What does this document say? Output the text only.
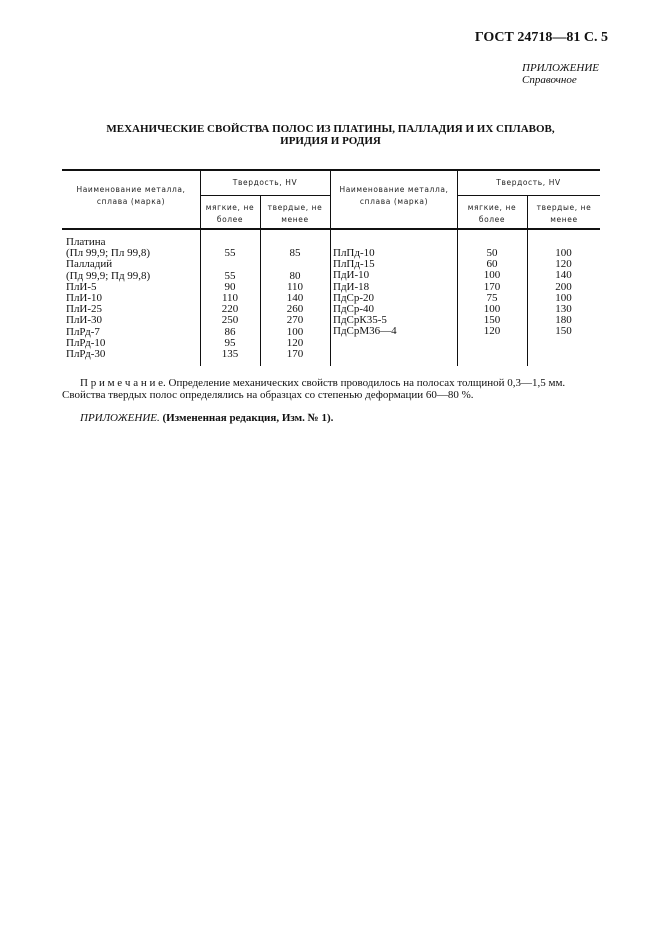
ГОСТ 24718—81 С. 5
ПРИЛОЖЕНИЕ
Справочное
МЕХАНИЧЕСКИЕ СВОЙСТВА ПОЛОС ИЗ ПЛАТИНЫ, ПАЛЛАДИЯ И ИХ СПЛАВОВ,
ИРИДИЯ И РОДИЯ
Наименование металла, сплава (марка)
Твердость, HV
мягкие, не более
твердые, не менее
Наименование металла, сплава (марка)
Твердость, HV
мягкие, не более
твердые, не менее
Платина
(Пл 99,9; Пл 99,8)	55	85
Палладий
(Пд 99,9; Пд 99,8)	55	80
ПлИ-5	90	110
ПлИ-10	110	140
ПлИ-25	220	260
ПлИ-30	250	270
ПлРд-7	86	100
ПлРд-10	95	120
ПлРд-30	135	170
ПлПд-10	50	100
ПлПд-15	60	120
ПдИ-10	100	140
ПдИ-18	170	200
ПдСр-20	75	100
ПдСр-40	100	130
ПдСрК35-5	150	180
ПдСрМ36—4	120	150
П р и м е ч а н и е. Определение механических свойств проводилось на полосах толщиной 0,3—1,5 мм.
Свойства твердых полос определялись на образцах со степенью деформации 60—80 %.
ПРИЛОЖЕНИЕ. (Измененная редакция, Изм. № 1).
